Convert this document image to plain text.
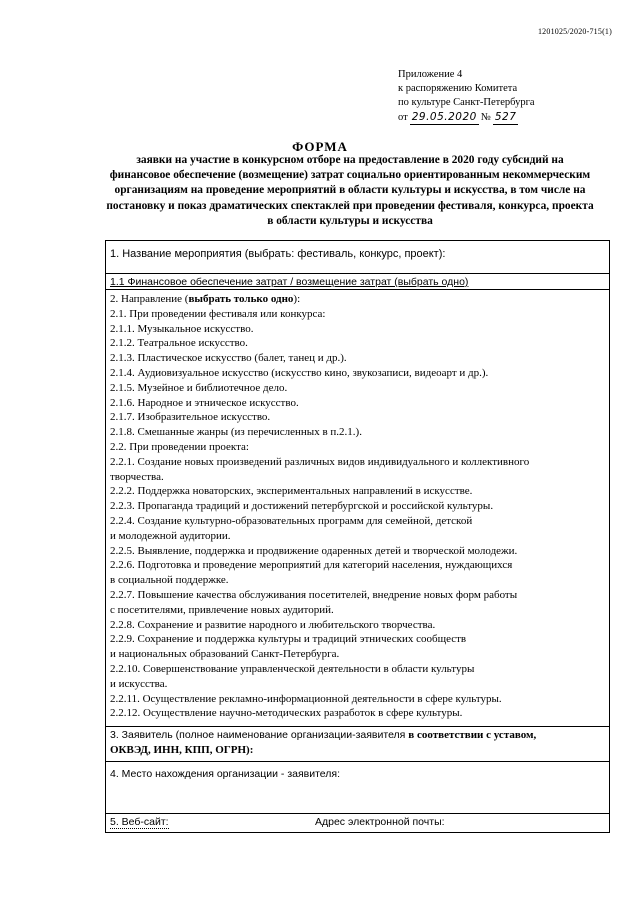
1201025/2020-715(1)
Приложение 4
к распоряжению Комитета
по культуре Санкт-Петербурга
от 29.05.2020 № 527
ФОРМА
заявки на участие в конкурсном отборе на предоставление в 2020 году субсидий на финансовое обеспечение (возмещение) затрат социально ориентированным некоммерческим организациям на проведение мероприятий в области культуры и искусства, в том числе на постановку и показ драматических спектаклей при проведении фестиваля, конкурса, проекта в области культуры и искусства
1. Название мероприятия (выбрать: фестиваль, конкурс, проект):
1.1 Финансовое обеспечение затрат / возмещение затрат (выбрать одно)
2. Направление (выбрать только одно):
2.1. При проведении фестиваля или конкурса:
2.1.1. Музыкальное искусство.
2.1.2. Театральное искусство.
2.1.3. Пластическое искусство (балет, танец и др.).
2.1.4. Аудиовизуальное искусство (искусство кино, звукозаписи, видеоарт и др.).
2.1.5. Музейное и библиотечное дело.
2.1.6. Народное и этническое искусство.
2.1.7. Изобразительное искусство.
2.1.8. Смешанные жанры (из перечисленных в п.2.1.).
2.2. При проведении проекта:
2.2.1. Создание новых произведений различных видов индивидуального и коллективного
творчества.
2.2.2. Поддержка новаторских, экспериментальных направлений в искусстве.
2.2.3. Пропаганда традиций и достижений петербургской и российской культуры.
2.2.4. Создание культурно-образовательных программ для семейной, детской
и молодежной аудитории.
2.2.5. Выявление, поддержка и продвижение одаренных детей и творческой молодежи.
2.2.6. Подготовка и проведение мероприятий для категорий населения, нуждающихся
в социальной поддержке.
2.2.7. Повышение качества обслуживания посетителей, внедрение новых форм работы
с посетителями, привлечение новых аудиторий.
2.2.8. Сохранение и развитие народного и любительского творчества.
2.2.9. Сохранение и поддержка культуры и традиций этнических сообществ
и национальных образований Санкт-Петербурга.
2.2.10. Совершенствование управленческой деятельности в области культуры
и искусства.
2.2.11. Осуществление рекламно-информационной деятельности в сфере культуры.
2.2.12. Осуществление научно-методических разработок в сфере культуры.
3. Заявитель (полное наименование организации-заявителя в соответствии с уставом,
ОКВЭД, ИНН, КПП, ОГРН):
4. Место нахождения организации - заявителя:
5. Веб-сайт:	Адрес электронной почты:
